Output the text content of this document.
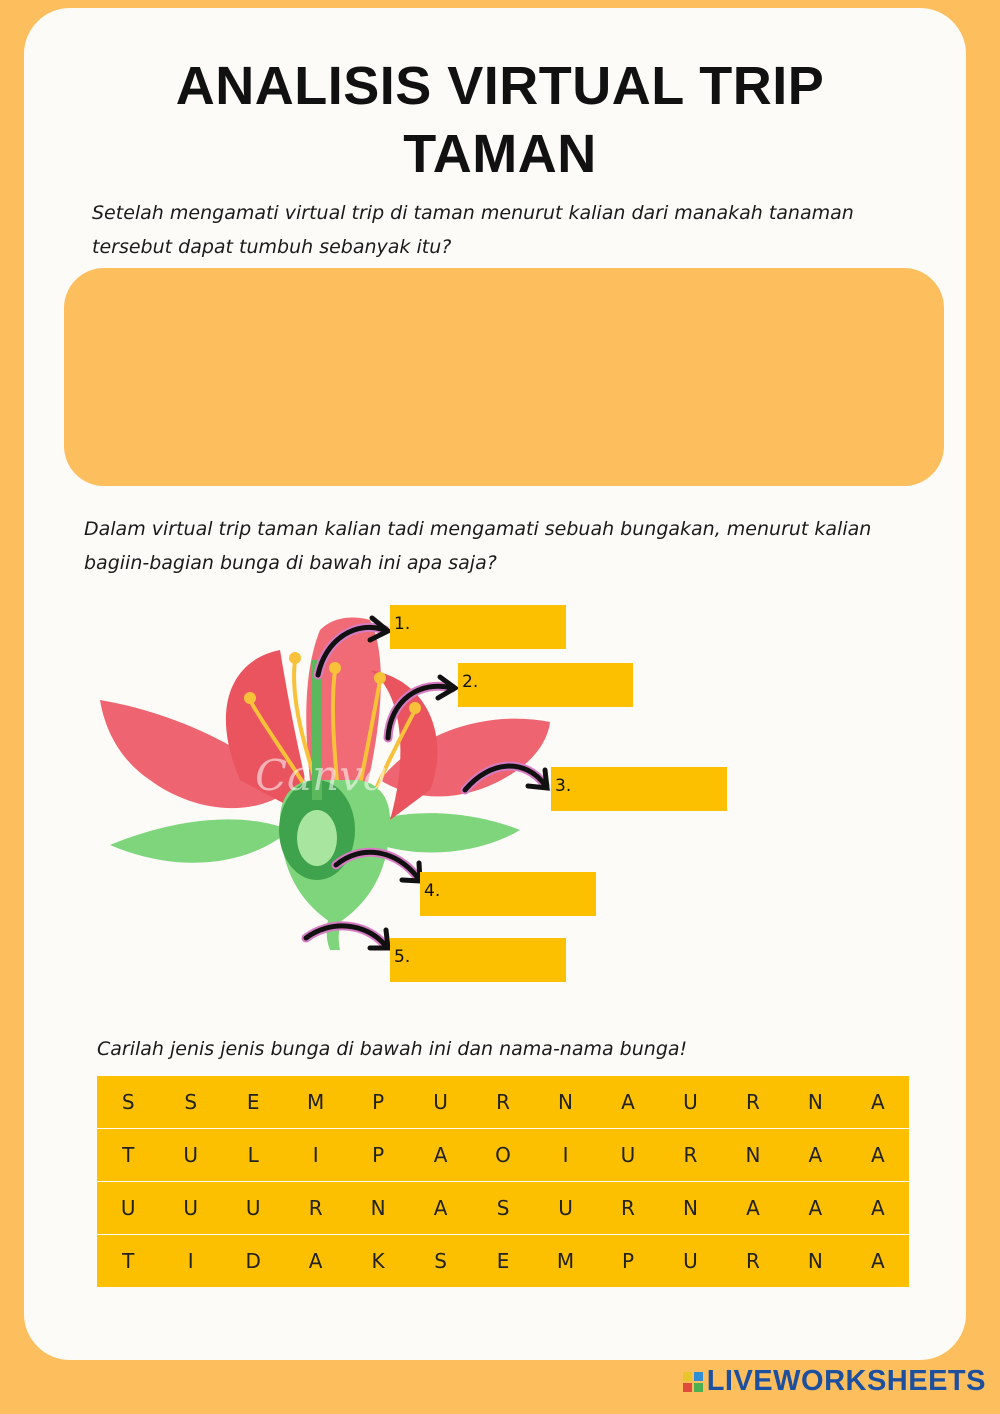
ANALISIS VIRTUAL TRIP
TAMAN
Setelah mengamati virtual trip di taman menurut kalian dari manakah tanaman tersebut dapat tumbuh sebanyak itu?
Dalam virtual trip taman kalian tadi mengamati sebuah bungakan, menurut kalian bagiin-bagian bunga di bawah ini apa saja?
Canva
1.
2.
3.
4.
5.
Carilah jenis jenis bunga di bawah ini dan nama-nama bunga!
S	S	E	M	P	U	R	N	A	U	R	N	A
T	U	L	I	P	A	O	I	U	R	N	A	A
U	U	U	R	N	A	S	U	R	N	A	A	A
T	I	D	A	K	S	E	M	P	U	R	N	A
LIVEWORKSHEETS
